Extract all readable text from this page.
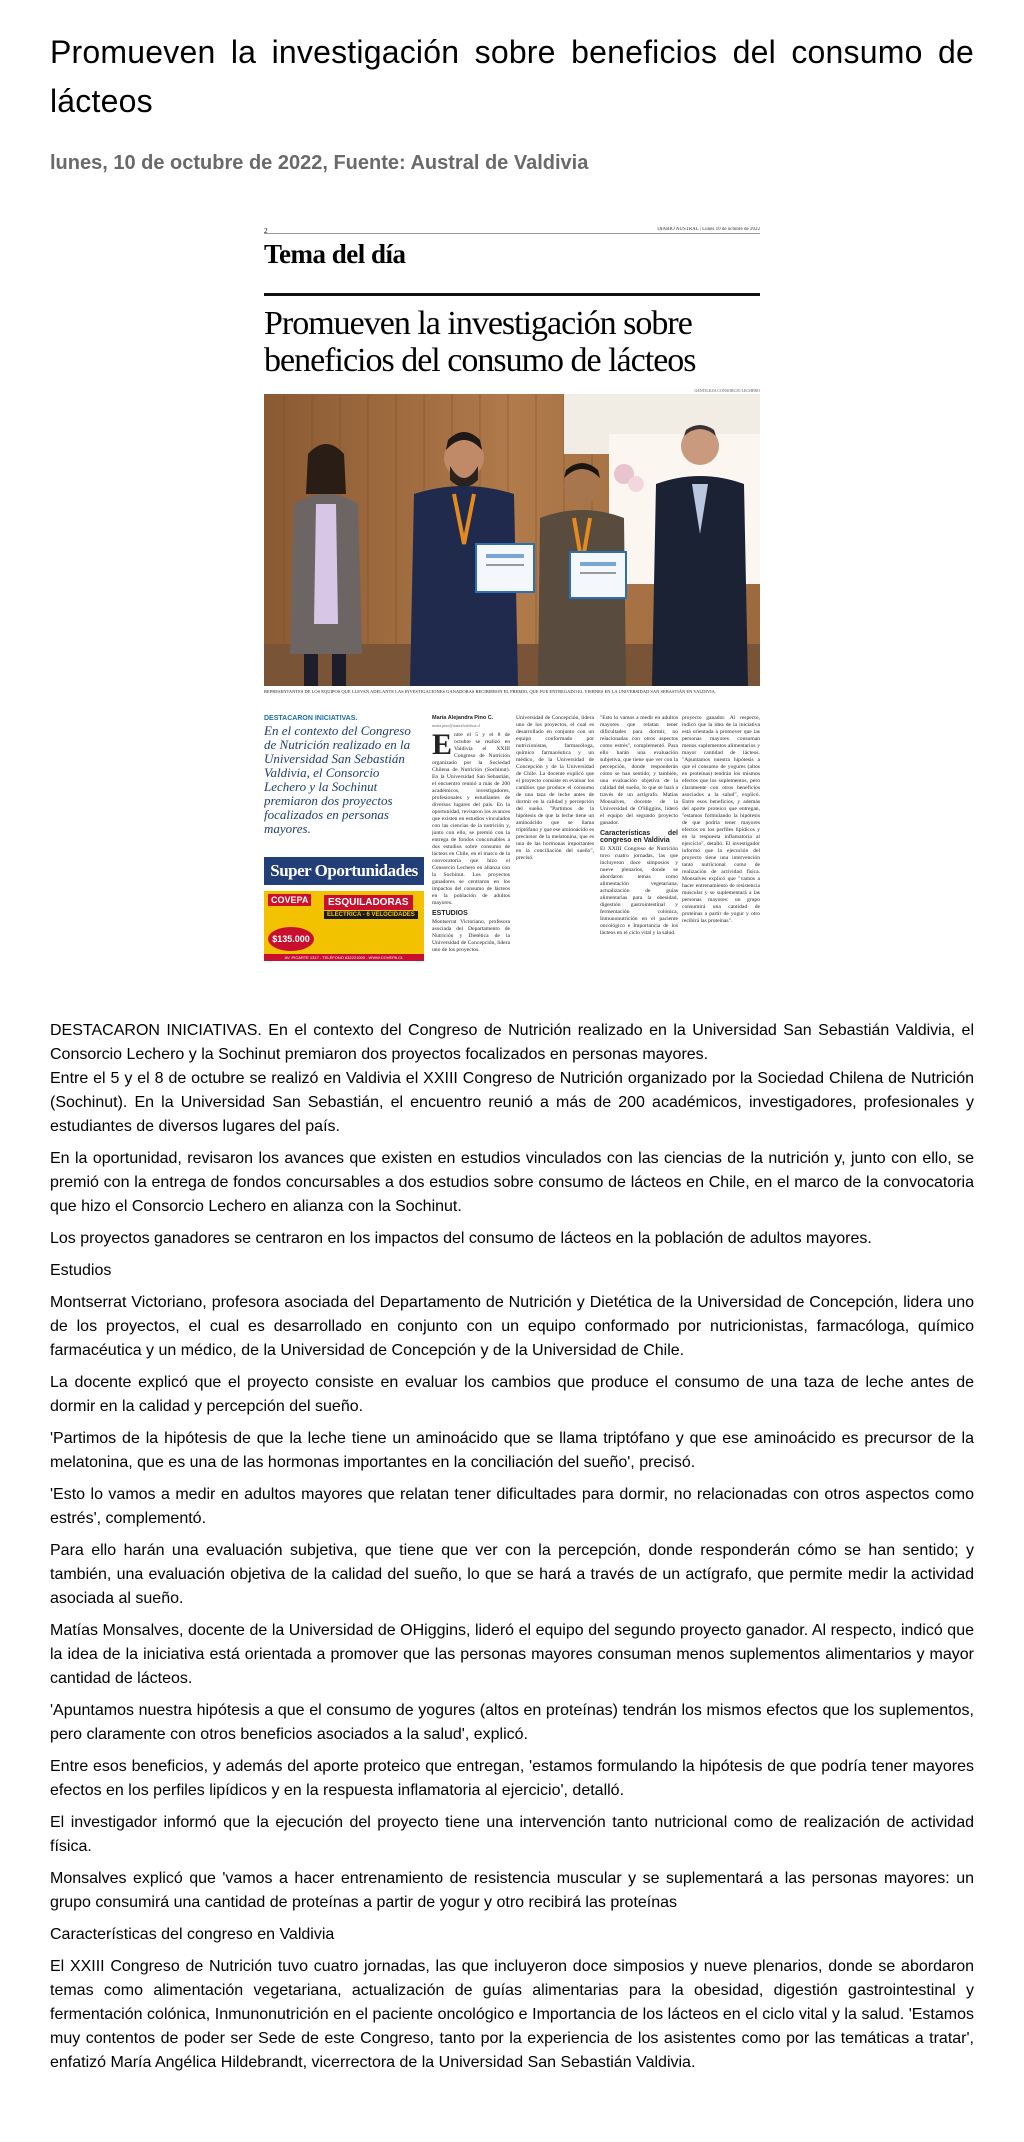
Promueven la investigación sobre beneficios del consumo de lácteos
lunes, 10 de octubre de 2022, Fuente: Austral de Valdivia
2	DIARIO AUSTRAL | Lunes 10 de octubre de 2022
Tema del día
Promueven la investigación sobre
beneficios del consumo de lácteos
GENTILEZA CONSORCIO LECHERO
REPRESENTANTES DE LOS EQUIPOS QUE LLEVAN ADELANTE LAS INVESTIGACIONES GANADORAS RECIBIERON EL PREMIO, QUE FUE ENTREGADO EL VIERNES EN LA UNIVERSIDAD SAN SEBASTIÁN EN VALDIVIA.
DESTACARON INICIATIVAS.
En el contexto del Congreso de Nutrición realizado en la Universidad San Sebastián Valdivia, el Consorcio Lechero y la Sochinut premiaron dos proyectos focalizados en personas mayores.
Super Oportunidades
COVEPA	ESQUILADORAS
ELÉCTRICA - 6 VELOCIDADES
$135.000
AV. PICARTE 1317 - TELÉFONO 632221000 - WWW.COVEPA.CL
María Alejandra Pino C.
maria.pino@australvaldivia.cl

Entre el 5 y el 8 de octubre se realizó en Valdivia el XXIII Congreso de Nutrición organizado por la Sociedad Chilena de Nutrición (Sochinut). En la Universidad San Sebastián, el encuentro reunió a más de 200 académicos, investigadores, profesionales y estudiantes de diversos lugares del país. En la oportunidad, revisaron los avances que existen en estudios vinculados con las ciencias de la nutrición y, junto con ello, se premió con la entrega de fondos concursables a dos estudios sobre consumo de lácteos en Chile, en el marco de la convocatoria que hizo el Consorcio Lechero en alianza con la Sochinut. Los proyectos ganadores se centraron en los impactos del consumo de lácteos en la población de adultos mayores.

ESTUDIOS

Montserrat Victoriano, profesora asociada del Departamento de Nutrición y Dietética de la Universidad de Concepción, lidera uno de los proyectos.

Universidad de Concepción, lidera uno de los proyectos, el cual es desarrollado en conjunto con un equipo conformado por nutricionistas, farmacóloga, químico farmacéutica y un médico, de la Universidad de Concepción y de la Universidad de Chile. La docente explicó que el proyecto consiste en evaluar los cambios que produce el consumo de una taza de leche antes de dormir en la calidad y percepción del sueño. "Partimos de la hipótesis de que la leche tiene un aminoácido que se llama triptófano y que ese aminoácido es precursor de la melatonina, que es una de las hormonas importantes en la conciliación del sueño", precisó.

"Esto lo vamos a medir en adultos mayores que relatan tener dificultades para dormir, no relacionadas con otros aspectos como estrés", complementó. Para ello harán una evaluación subjetiva, que tiene que ver con la percepción, donde responderán cómo se han sentido; y también, una evaluación objetiva de la calidad del sueño, lo que se hará a través de un actígrafo. Matías Monsalves, docente de la Universidad de O'Higgins, lideró el equipo del segundo proyecto ganador.

Características del congreso en Valdivia

El XXIII Congreso de Nutrición tuvo cuatro jornadas, las que incluyeron doce simposios y nueve plenarios, donde se abordaron temas como alimentación vegetariana, actualización de guías alimentarias para la obesidad, digestión gastrointestinal y fermentación colónica, Inmunonutrición en el paciente oncológico e Importancia de los lácteos en el ciclo vital y la salud.

proyecto ganador. Al respecto, indicó que la idea de la iniciativa está orientada a promover que las personas mayores consuman menos suplementos alimentarios y mayor cantidad de lácteos. "Apuntamos nuestra hipótesis a que el consumo de yogures (altos en proteínas) tendrán los mismos efectos que los suplementos, pero claramente con otros beneficios asociados a la salud", explicó. Entre esos beneficios, y además del aporte proteico que entregan, "estamos formulando la hipótesis de que podría tener mayores efectos en los perfiles lipídicos y en la respuesta inflamatoria al ejercicio", detalló. El investigador informó que la ejecución del proyecto tiene una intervención tanto nutricional como de realización de actividad física. Monsalves explicó que "vamos a hacer entrenamiento de resistencia muscular y se suplementará a las personas mayores: un grupo consumirá una cantidad de proteínas a partir de yogur y otro recibirá las proteínas".

DESTACARON INICIATIVAS. En el contexto del Congreso de Nutrición realizado en la Universidad San Sebastián Valdivia, el Consorcio Lechero y la Sochinut premiaron dos proyectos focalizados en personas mayores.

Entre el 5 y el 8 de octubre se realizó en Valdivia el XXIII Congreso de Nutrición organizado por la Sociedad Chilena de Nutrición (Sochinut). En la Universidad San Sebastián, el encuentro reunió a más de 200 académicos, investigadores, profesionales y estudiantes de diversos lugares del país.

En la oportunidad, revisaron los avances que existen en estudios vinculados con las ciencias de la nutrición y, junto con ello, se premió con la entrega de fondos concursables a dos estudios sobre consumo de lácteos en Chile, en el marco de la convocatoria que hizo el Consorcio Lechero en alianza con la Sochinut.

Los proyectos ganadores se centraron en los impactos del consumo de lácteos en la población de adultos mayores.

Estudios

Montserrat Victoriano, profesora asociada del Departamento de Nutrición y Dietética de la Universidad de Concepción, lidera uno de los proyectos, el cual es desarrollado en conjunto con un equipo conformado por nutricionistas, farmacóloga, químico farmacéutica y un médico, de la Universidad de Concepción y de la Universidad de Chile.

La docente explicó que el proyecto consiste en evaluar los cambios que produce el consumo de una taza de leche antes de dormir en la calidad y percepción del sueño.

'Partimos de la hipótesis de que la leche tiene un aminoácido que se llama triptófano y que ese aminoácido es precursor de la melatonina, que es una de las hormonas importantes en la conciliación del sueño', precisó.

'Esto lo vamos a medir en adultos mayores que relatan tener dificultades para dormir, no relacionadas con otros aspectos como estrés', complementó.

Para ello harán una evaluación subjetiva, que tiene que ver con la percepción, donde responderán cómo se han sentido; y también, una evaluación objetiva de la calidad del sueño, lo que se hará a través de un actígrafo, que permite medir la actividad asociada al sueño.

Matías Monsalves, docente de la Universidad de OHiggins, lideró el equipo del segundo proyecto ganador. Al respecto, indicó que la idea de la iniciativa está orientada a promover que las personas mayores consuman menos suplementos alimentarios y mayor cantidad de lácteos.

'Apuntamos nuestra hipótesis a que el consumo de yogures (altos en proteínas) tendrán los mismos efectos que los suplementos, pero claramente con otros beneficios asociados a la salud', explicó.

Entre esos beneficios, y además del aporte proteico que entregan, 'estamos formulando la hipótesis de que podría tener mayores efectos en los perfiles lipídicos y en la respuesta inflamatoria al ejercicio', detalló.

El investigador informó que la ejecución del proyecto tiene una intervención tanto nutricional como de realización de actividad física.

Monsalves explicó que 'vamos a hacer entrenamiento de resistencia muscular y se suplementará a las personas mayores: un grupo consumirá una cantidad de proteínas a partir de yogur y otro recibirá las proteínas

Características del congreso en Valdivia

El XXIII Congreso de Nutrición tuvo cuatro jornadas, las que incluyeron doce simposios y nueve plenarios, donde se abordaron temas como alimentación vegetariana, actualización de guías alimentarias para la obesidad, digestión gastrointestinal y fermentación colónica, Inmunonutrición en el paciente oncológico e Importancia de los lácteos en el ciclo vital y la salud. 'Estamos muy contentos de poder ser Sede de este Congreso, tanto por la experiencia de los asistentes como por las temáticas a tratar', enfatizó María Angélica Hildebrandt, vicerrectora de la Universidad San Sebastián Valdivia.
